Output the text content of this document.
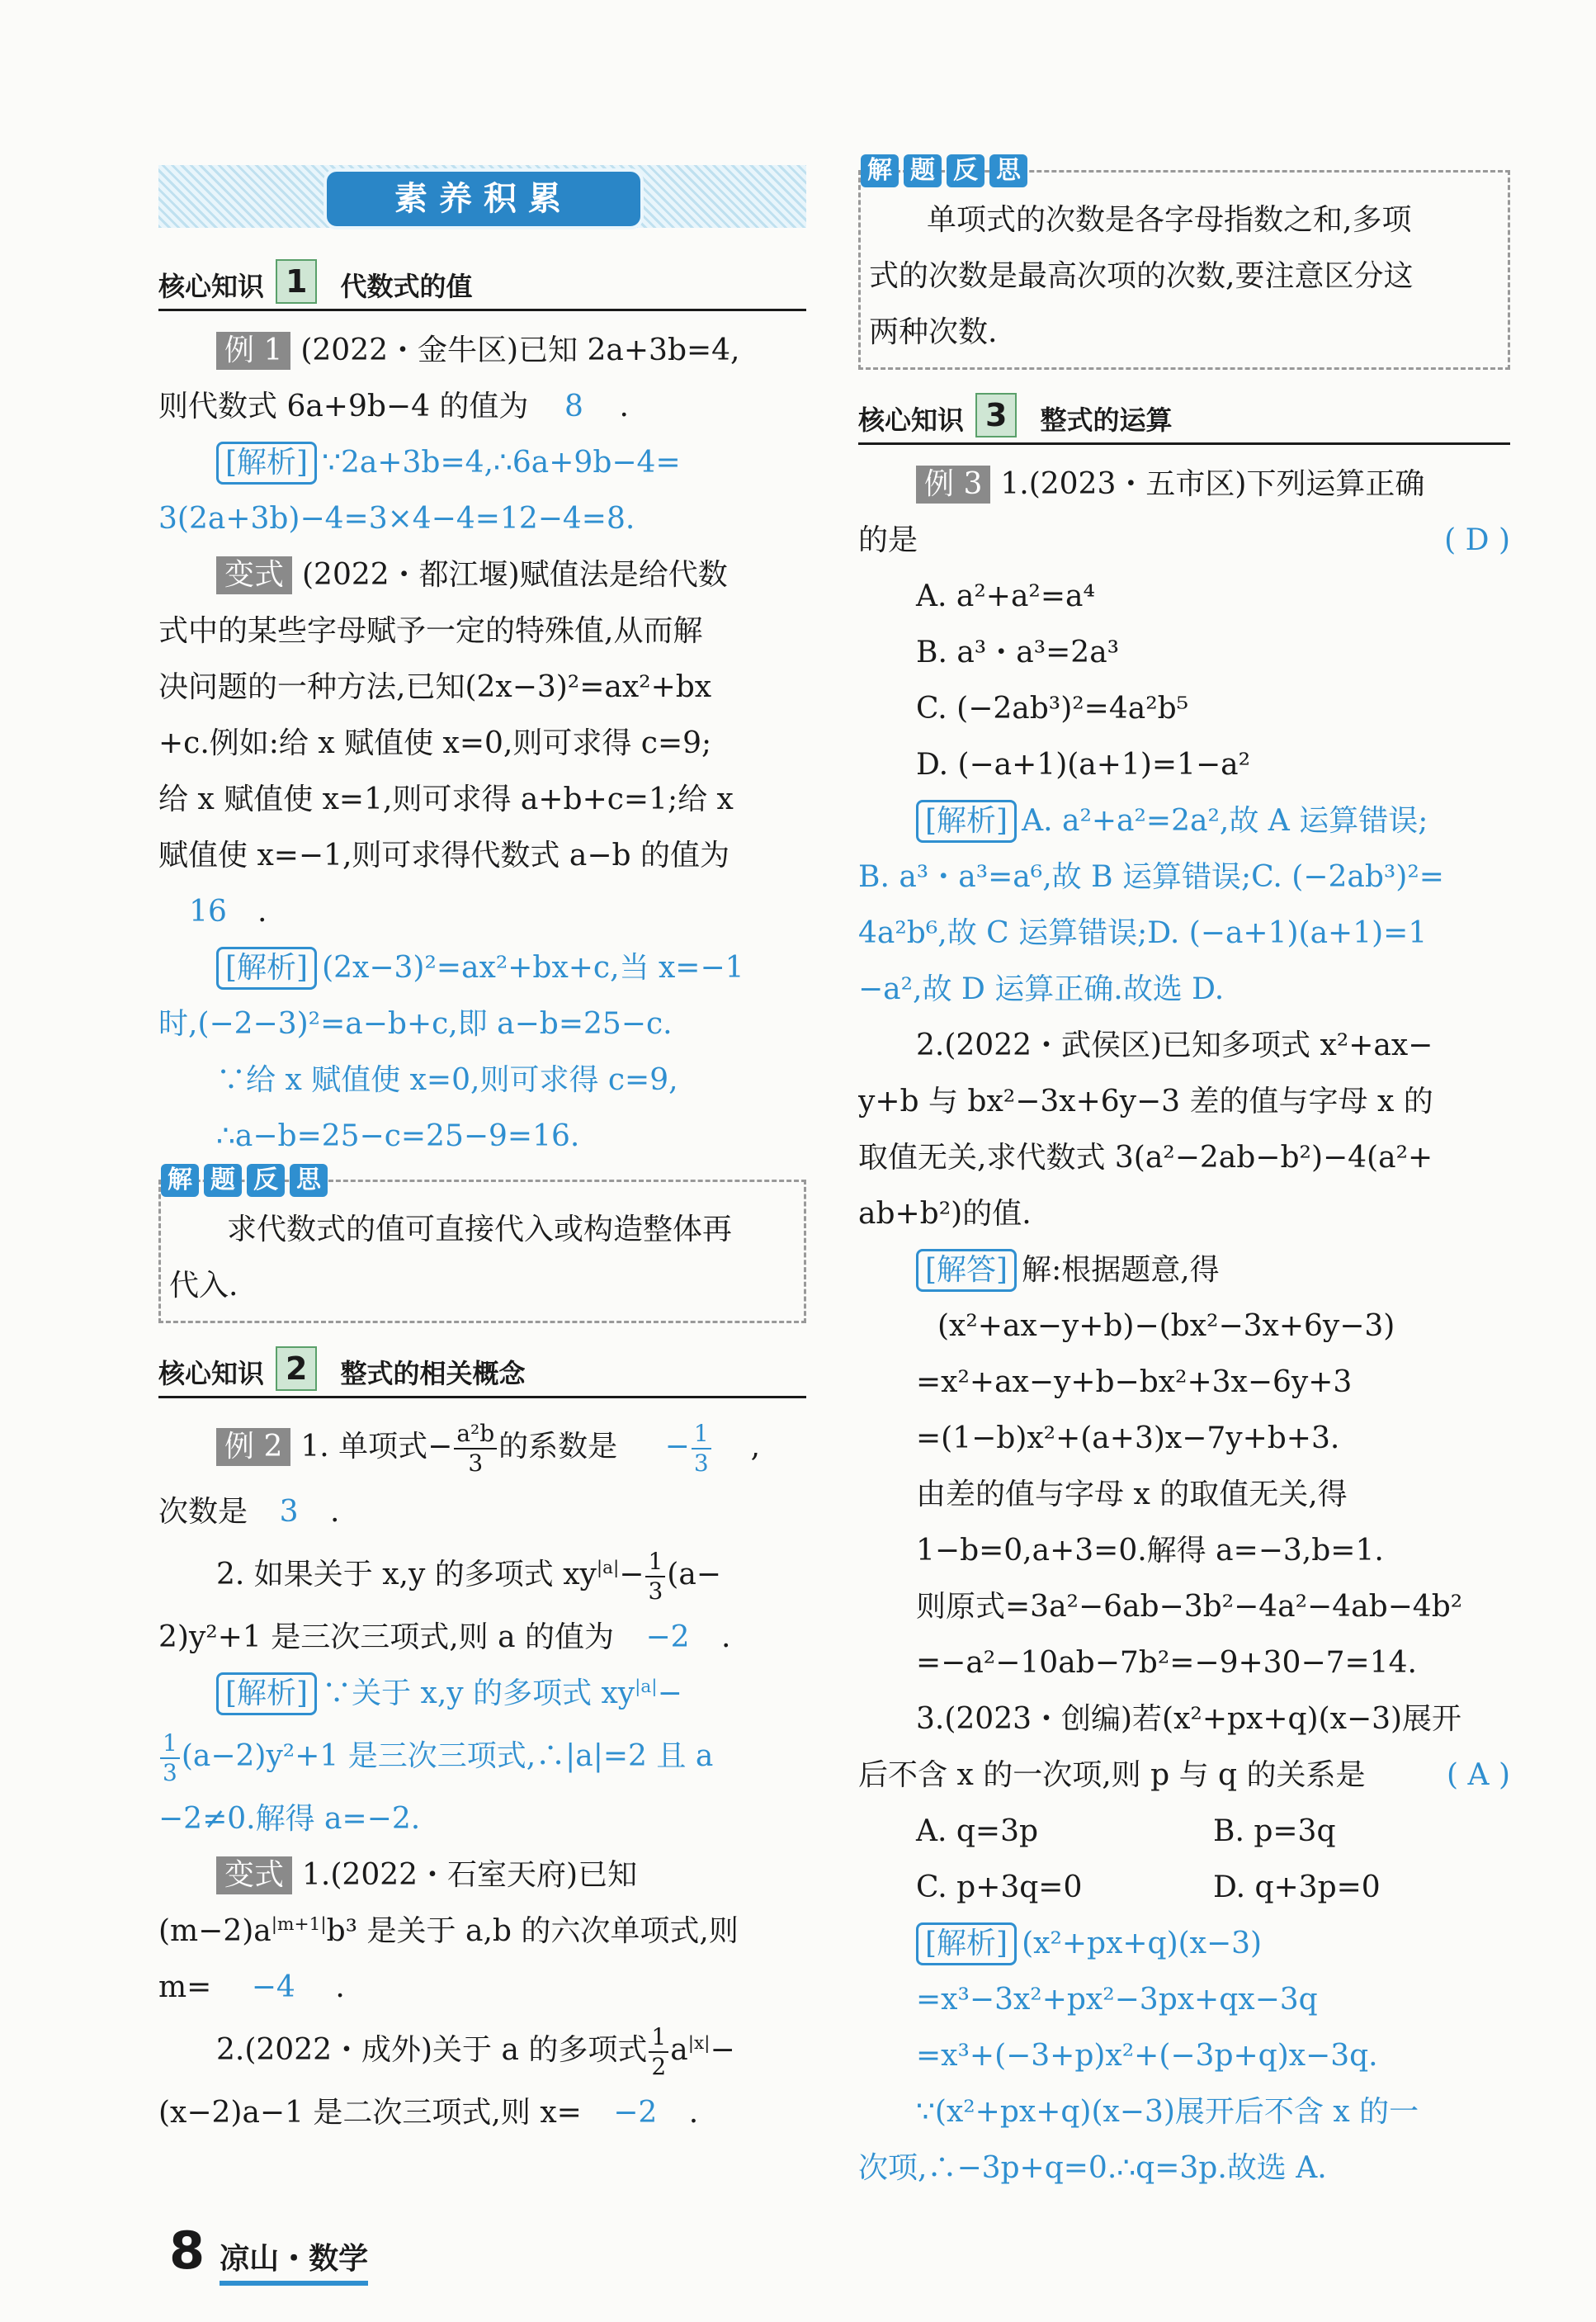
素养积累
核心知识 1	代数式的值
例 1 (2022・金牛区)已知 2a+3b=4,
则代数式 6a+9b−4 的值为 8 .
[解析] ∵2a+3b=4,∴6a+9b−4=
3(2a+3b)−4=3×4−4=12−4=8.
变式 (2022・都江堰)赋值法是给代数
式中的某些字母赋予一定的特殊值,从而解
决问题的一种方法,已知(2x−3)²=ax²+bx
+c.例如:给 x 赋值使 x=0,则可求得 c=9;
给 x 赋值使 x=1,则可求得 a+b+c=1;给 x
赋值使 x=−1,则可求得代数式 a−b 的值为
16 .
[解析] (2x−3)²=ax²+bx+c,当 x=−1
时,(−2−3)²=a−b+c,即 a−b=25−c.
∵给 x 赋值使 x=0,则可求得 c=9,
∴a−b=25−c=25−9=16.
解 题 反 思
求代数式的值可直接代入或构造整体再
代入.
核心知识 2	整式的相关概念
例 2 1. 单项式− $\frac{\text{a²b}}{3}$ 的系数是 − $\frac{1}{3}$ ,
次数是 3 .
2. 如果关于 x,y 的多项式 $xy^{|a|}- \frac{1}{3} (a-$
2)y²+1 是三次三项式,则 a 的值为 −2 .
[解析] ∵关于 x,y 的多项式 $xy^{|a|}-$
$\frac{1}{3} (a-2)y^2+1$ 是三次三项式,∴|a|=2 且 a
−2≠0.解得 a=−2.
变式 1.(2022・石室天府)已知
$(m-2)a^{|m+1|}b^3$ 是关于 a,b 的六次单项式,则
m= −4 .
2.(2022・成外)关于 a 的多项式 $\frac{1}{2} a^{|x|}-$
(x−2)a−1 是二次三项式,则 x= −2 .
解 题 反 思
单项式的次数是各字母指数之和,多项
式的次数是最高次项的次数,要注意区分这
两种次数.
核心知识 3	整式的运算
例 3 1.(2023・五市区)下列运算正确
的是	( D )
A. a²+a²=a⁴
B. a³・a³=2a³
C. (−2ab³)²=4a²b⁵
D. (−a+1)(a+1)=1−a²
[解析] A. a²+a²=2a²,故 A 运算错误;
B. a³・a³=a⁶,故 B 运算错误;C. (−2ab³)²=
4a²b⁶,故 C 运算错误;D. (−a+1)(a+1)=1
−a²,故 D 运算正确.故选 D.
2.(2022・武侯区)已知多项式 x²+ax−
y+b 与 bx²−3x+6y−3 差的值与字母 x 的
取值无关,求代数式 3(a²−2ab−b²)−4(a²+
ab+b²)的值.
[解答] 解:根据题意,得
(x²+ax−y+b)−(bx²−3x+6y−3)
=x²+ax−y+b−bx²+3x−6y+3
=(1−b)x²+(a+3)x−7y+b+3.
由差的值与字母 x 的取值无关,得
1−b=0,a+3=0.解得 a=−3,b=1.
则原式=3a²−6ab−3b²−4a²−4ab−4b²
=−a²−10ab−7b²=−9+30−7=14.
3.(2023・创编)若(x²+px+q)(x−3)展开
后不含 x 的一次项,则 p 与 q 的关系是	( A )
A. q=3p	B. p=3q
C. p+3q=0	D. q+3p=0
[解析] (x²+px+q)(x−3)
=x³−3x²+px²−3px+qx−3q
=x³+(−3+p)x²+(−3p+q)x−3q.
∵(x²+px+q)(x−3)展开后不含 x 的一
次项,∴−3p+q=0.∴q=3p.故选 A.
8 凉山・数学
